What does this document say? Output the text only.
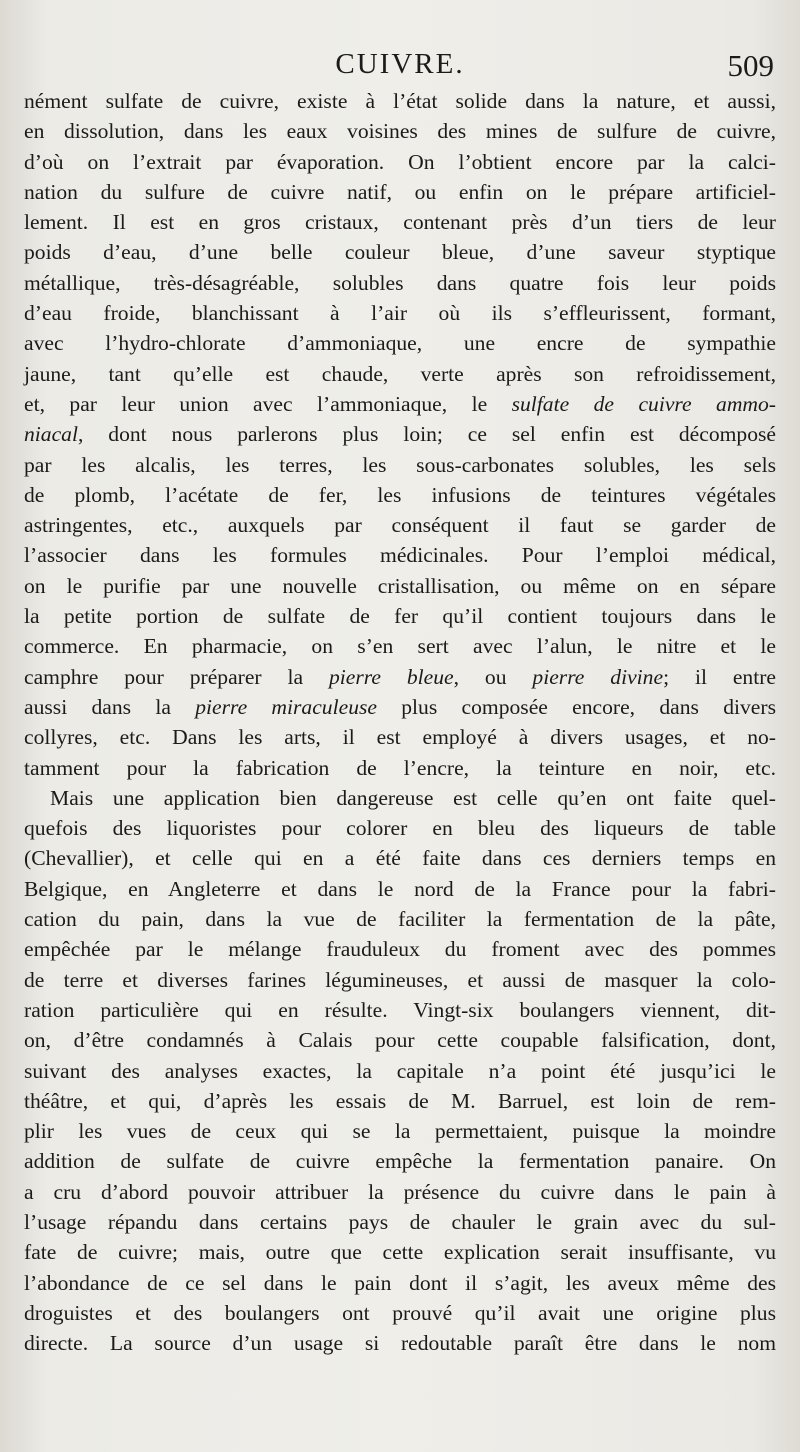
CUIVRE.	509
nément sulfate de cuivre, existe à l’état solide dans la nature, et aussi,
en dissolution, dans les eaux voisines des mines de sulfure de cuivre,
d’où on l’extrait par évaporation. On l’obtient encore par la calci-
nation du sulfure de cuivre natif, ou enfin on le prépare artificiel-
lement. Il est en gros cristaux, contenant près d’un tiers de leur
poids d’eau, d’une belle couleur bleue, d’une saveur styptique
métallique, très-désagréable, solubles dans quatre fois leur poids
d’eau froide, blanchissant à l’air où ils s’effleurissent, formant,
avec l’hydro-chlorate d’ammoniaque, une encre de sympathie
jaune, tant qu’elle est chaude, verte après son refroidissement,
et, par leur union avec l’ammoniaque, le sulfate de cuivre ammo-
niacal, dont nous parlerons plus loin; ce sel enfin est décomposé
par les alcalis, les terres, les sous-carbonates solubles, les sels
de plomb, l’acétate de fer, les infusions de teintures végétales
astringentes, etc., auxquels par conséquent il faut se garder de
l’associer dans les formules médicinales. Pour l’emploi médical,
on le purifie par une nouvelle cristallisation, ou même on en sépare
la petite portion de sulfate de fer qu’il contient toujours dans le
commerce. En pharmacie, on s’en sert avec l’alun, le nitre et le
camphre pour préparer la pierre bleue, ou pierre divine; il entre
aussi dans la pierre miraculeuse plus composée encore, dans divers
collyres, etc. Dans les arts, il est employé à divers usages, et no-
tamment pour la fabrication de l’encre, la teinture en noir, etc.
Mais une application bien dangereuse est celle qu’en ont faite quel-
quefois des liquoristes pour colorer en bleu des liqueurs de table
(Chevallier), et celle qui en a été faite dans ces derniers temps en
Belgique, en Angleterre et dans le nord de la France pour la fabri-
cation du pain, dans la vue de faciliter la fermentation de la pâte,
empêchée par le mélange frauduleux du froment avec des pommes
de terre et diverses farines légumineuses, et aussi de masquer la colo-
ration particulière qui en résulte. Vingt-six boulangers viennent, dit-
on, d’être condamnés à Calais pour cette coupable falsification, dont,
suivant des analyses exactes, la capitale n’a point été jusqu’ici le
théâtre, et qui, d’après les essais de M. Barruel, est loin de rem-
plir les vues de ceux qui se la permettaient, puisque la moindre
addition de sulfate de cuivre empêche la fermentation panaire. On
a cru d’abord pouvoir attribuer la présence du cuivre dans le pain à
l’usage répandu dans certains pays de chauler le grain avec du sul-
fate de cuivre; mais, outre que cette explication serait insuffisante, vu
l’abondance de ce sel dans le pain dont il s’agit, les aveux même des
droguistes et des boulangers ont prouvé qu’il avait une origine plus
directe. La source d’un usage si redoutable paraît être dans le nom
